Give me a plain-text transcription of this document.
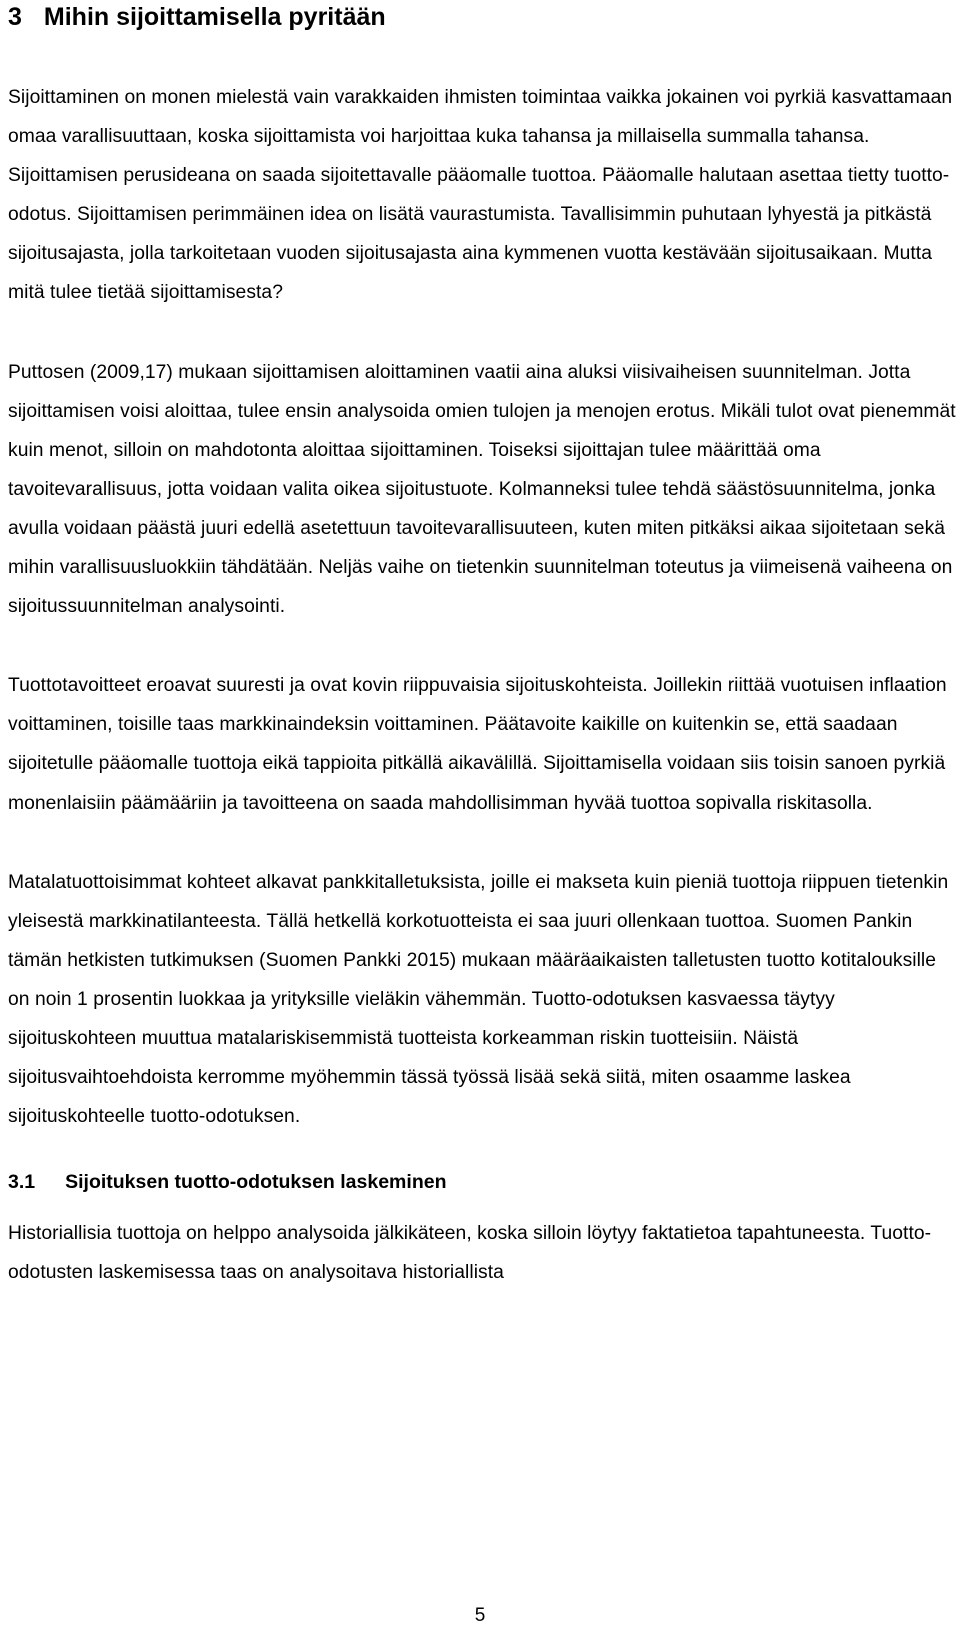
3 Mihin sijoittamisella pyritään

Sijoittaminen on monen mielestä vain varakkaiden ihmisten toimintaa vaikka jokainen voi pyrkiä kasvattamaan omaa varallisuuttaan, koska sijoittamista voi harjoittaa kuka tahansa ja millaisella summalla tahansa. Sijoittamisen perusideana on saada sijoitettavalle pääomalle tuottoa. Pääomalle halutaan asettaa tietty tuotto-odotus. Sijoittamisen perimmäinen idea on lisätä vaurastumista. Tavallisimmin puhutaan lyhyestä ja pitkästä sijoitusajasta, jolla tarkoitetaan vuoden sijoitusajasta aina kymmenen vuotta kestävään sijoitusaikaan. Mutta mitä tulee tietää sijoittamisesta?

Puttosen (2009,17) mukaan sijoittamisen aloittaminen vaatii aina aluksi viisivaiheisen suunnitelman. Jotta sijoittamisen voisi aloittaa, tulee ensin analysoida omien tulojen ja menojen erotus. Mikäli tulot ovat pienemmät kuin menot, silloin on mahdotonta aloittaa sijoittaminen. Toiseksi sijoittajan tulee määrittää oma tavoitevarallisuus, jotta voidaan valita oikea sijoitustuote. Kolmanneksi tulee tehdä säästösuunnitelma, jonka avulla voidaan päästä juuri edellä asetettuun tavoitevarallisuuteen, kuten miten pitkäksi aikaa sijoitetaan sekä mihin varallisuusluokkiin tähdätään. Neljäs vaihe on tietenkin suunnitelman toteutus ja viimeisenä vaiheena on sijoitussuunnitelman analysointi.

Tuottotavoitteet eroavat suuresti ja ovat kovin riippuvaisia sijoituskohteista. Joillekin riittää vuotuisen inflaation voittaminen, toisille taas markkinaindeksin voittaminen. Päätavoite kaikille on kuitenkin se, että saadaan sijoitetulle pääomalle tuottoja eikä tappioita pitkällä aikavälillä. Sijoittamisella voidaan siis toisin sanoen pyrkiä monenlaisiin päämääriin ja tavoitteena on saada mahdollisimman hyvää tuottoa sopivalla riskitasolla.

Matalatuottoisimmat kohteet alkavat pankkitalletuksista, joille ei makseta kuin pieniä tuottoja riippuen tietenkin yleisestä markkinatilanteesta. Tällä hetkellä korkotuotteista ei saa juuri ollenkaan tuottoa. Suomen Pankin tämän hetkisten tutkimuksen (Suomen Pankki 2015) mukaan määräaikaisten talletusten tuotto kotitalouksille on noin 1 prosentin luokkaa ja yrityksille vieläkin vähemmän. Tuotto-odotuksen kasvaessa täytyy sijoituskohteen muuttua matalariskisemmistä tuotteista korkeamman riskin tuotteisiin. Näistä sijoitusvaihtoehdoista kerromme myöhemmin tässä työssä lisää sekä siitä, miten osaamme laskea sijoituskohteelle tuotto-odotuksen.

3.1 Sijoituksen tuotto-odotuksen laskeminen

Historiallisia tuottoja on helppo analysoida jälkikäteen, koska silloin löytyy faktatietoa tapahtuneesta. Tuotto-odotusten laskemisessa taas on analysoitava historiallista

5
